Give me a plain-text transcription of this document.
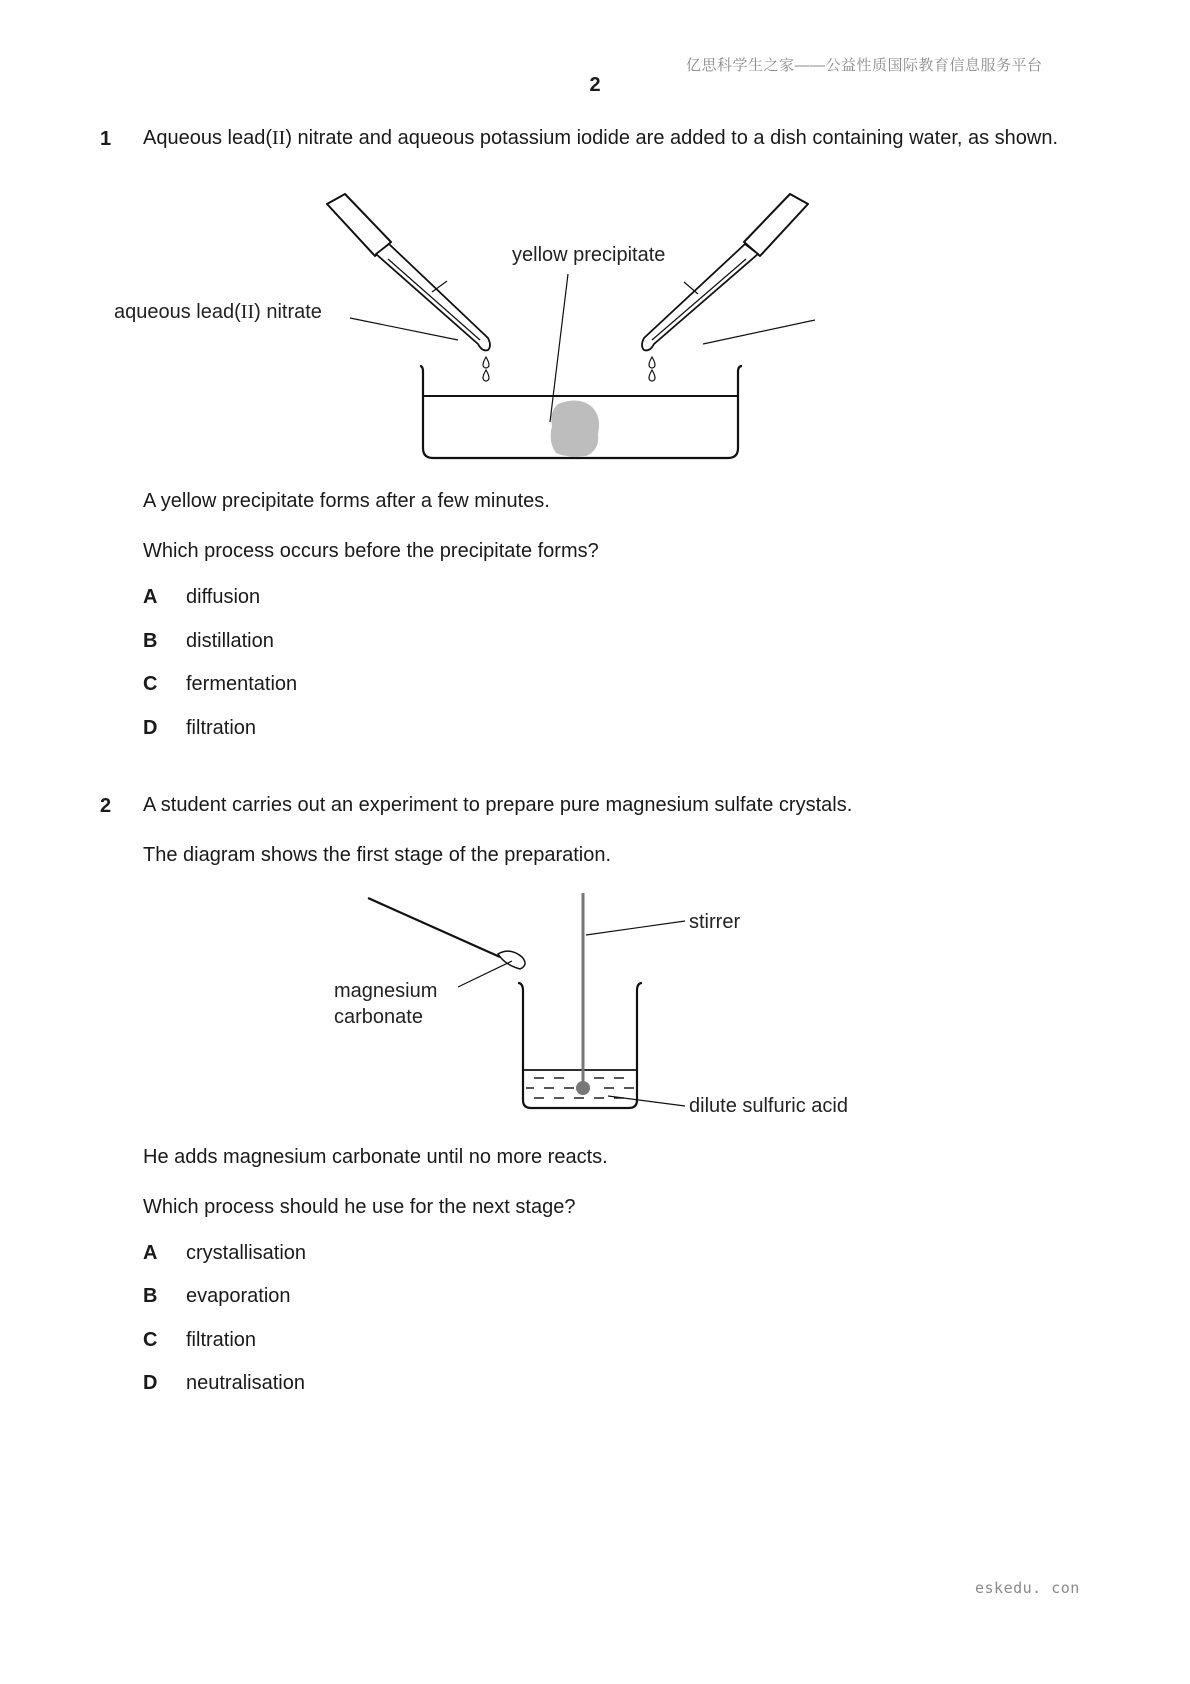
亿思科学生之家——公益性质国际教育信息服务平台
2
1 Aqueous lead(II) nitrate and aqueous potassium iodide are added to a dish containing water, as shown.
yellow precipitate
aqueous lead(II) nitrate
A yellow precipitate forms after a few minutes.
Which process occurs before the precipitate forms?
A diffusion
B distillation
C fermentation
D filtration
2 A student carries out an experiment to prepare pure magnesium sulfate crystals.
The diagram shows the first stage of the preparation.
stirrer
magnesium
carbonate
dilute sulfuric acid
He adds magnesium carbonate until no more reacts.
Which process should he use for the next stage?
A crystallisation
B evaporation
C filtration
D neutralisation
eskedu. con
